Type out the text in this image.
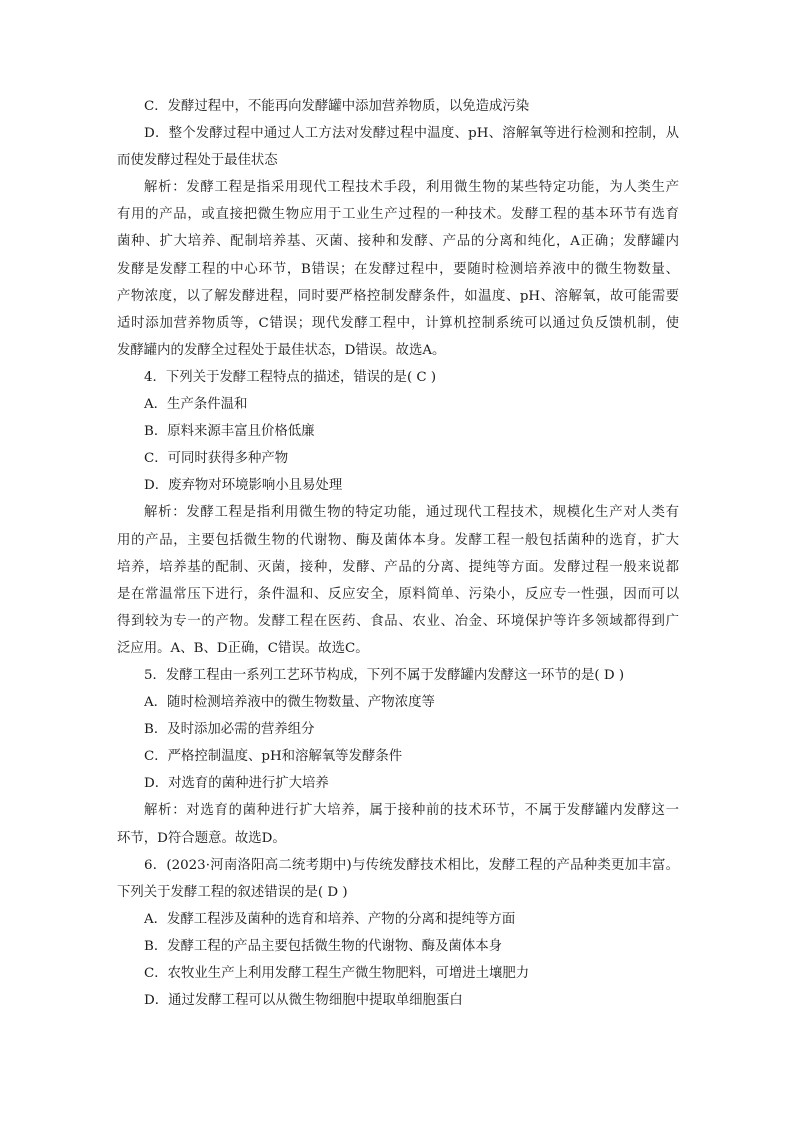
C．发酵过程中，不能再向发酵罐中添加营养物质，以免造成污染
D．整个发酵过程中通过人工方法对发酵过程中温度、pH、溶解氧等进行检测和控制，从
而使发酵过程处于最佳状态
解析：发酵工程是指采用现代工程技术手段，利用微生物的某些特定功能，为人类生产
有用的产品，或直接把微生物应用于工业生产过程的一种技术。发酵工程的基本环节有选育
菌种、扩大培养、配制培养基、灭菌、接种和发酵、产品的分离和纯化，A正确；发酵罐内
发酵是发酵工程的中心环节，B错误；在发酵过程中，要随时检测培养液中的微生物数量、
产物浓度，以了解发酵进程，同时要严格控制发酵条件，如温度、pH、溶解氧，故可能需要
适时添加营养物质等，C错误；现代发酵工程中，计算机控制系统可以通过负反馈机制，使
发酵罐内的发酵全过程处于最佳状态，D错误。故选A。
4．下列关于发酵工程特点的描述，错误的是( C )
A．生产条件温和
B．原料来源丰富且价格低廉
C．可同时获得多种产物
D．废弃物对环境影响小且易处理
解析：发酵工程是指利用微生物的特定功能，通过现代工程技术，规模化生产对人类有
用的产品，主要包括微生物的代谢物、酶及菌体本身。发酵工程一般包括菌种的选育，扩大
培养，培养基的配制、灭菌，接种，发酵、产品的分离、提纯等方面。发酵过程一般来说都
是在常温常压下进行，条件温和、反应安全，原料简单、污染小，反应专一性强，因而可以
得到较为专一的产物。发酵工程在医药、食品、农业、冶金、环境保护等许多领域都得到广
泛应用。A、B、D正确，C错误。故选C。
5．发酵工程由一系列工艺环节构成，下列不属于发酵罐内发酵这一环节的是( D )
A．随时检测培养液中的微生物数量、产物浓度等
B．及时添加必需的营养组分
C．严格控制温度、pH和溶解氧等发酵条件
D．对选育的菌种进行扩大培养
解析：对选育的菌种进行扩大培养，属于接种前的技术环节，不属于发酵罐内发酵这一
环节，D符合题意。故选D。
6．(2023·河南洛阳高二统考期中)与传统发酵技术相比，发酵工程的产品种类更加丰富。
下列关于发酵工程的叙述错误的是( D )
A．发酵工程涉及菌种的选育和培养、产物的分离和提纯等方面
B．发酵工程的产品主要包括微生物的代谢物、酶及菌体本身
C．农牧业生产上利用发酵工程生产微生物肥料，可增进土壤肥力
D．通过发酵工程可以从微生物细胞中提取单细胞蛋白
